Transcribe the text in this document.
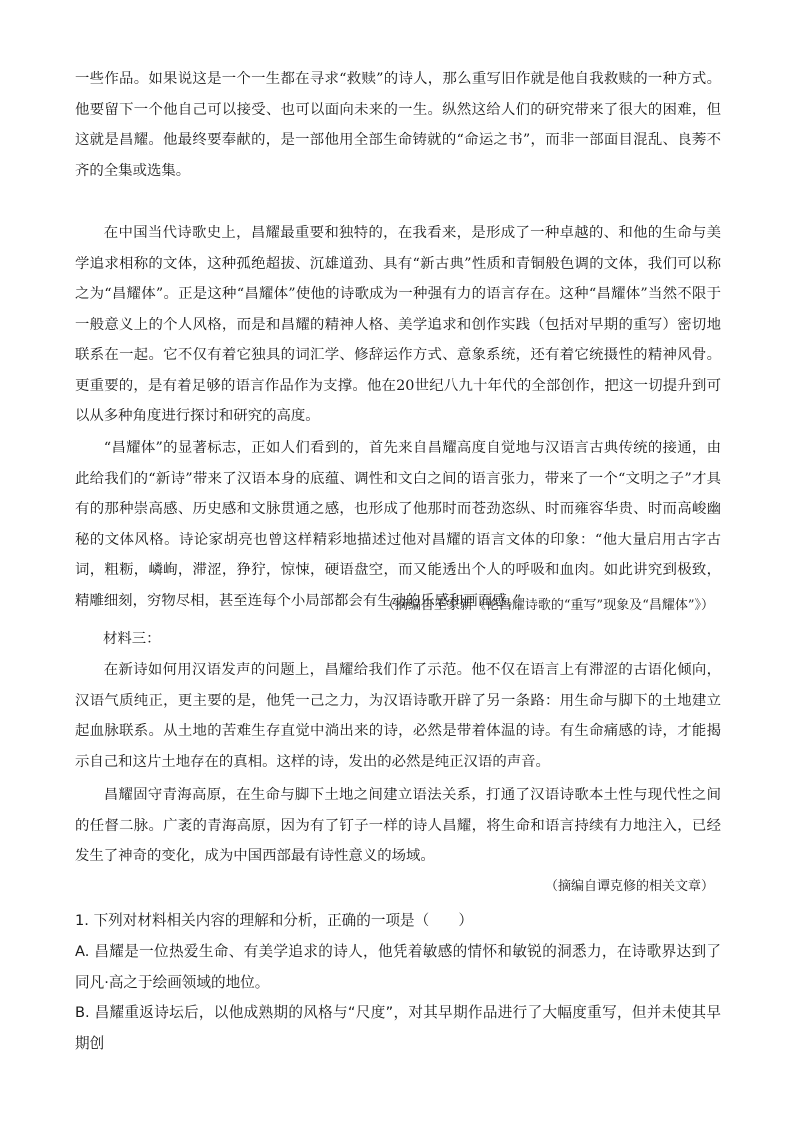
一些作品。如果说这是一个一生都在寻求“救赎”的诗人，那么重写旧作就是他自我救赎的一种方式。他要留下一个他自己可以接受、也可以面向未来的一生。纵然这给人们的研究带来了很大的困难，但这就是昌耀。他最终要奉献的，是一部他用全部生命铸就的“命运之书”，而非一部面目混乱、良莠不齐的全集或选集。

在中国当代诗歌史上，昌耀最重要和独特的，在我看来，是形成了一种卓越的、和他的生命与美学追求相称的文体，这种孤绝超拔、沉雄道劲、具有“新古典”性质和青铜般色调的文体，我们可以称之为“昌耀体”。正是这种“昌耀体”使他的诗歌成为一种强有力的语言存在。这种“昌耀体”当然不限于一般意义上的个人风格，而是和昌耀的精神人格、美学追求和创作实践（包括对早期的重写）密切地联系在一起。它不仅有着它独具的词汇学、修辞运作方式、意象系统，还有着它统摄性的精神风骨。更重要的，是有着足够的语言作品作为支撑。他在20世纪八九十年代的全部创作，把这一切提升到可以从多种角度进行探讨和研究的高度。

“昌耀体”的显著标志，正如人们看到的，首先来自昌耀高度自觉地与汉语言古典传统的接通，由此给我们的“新诗”带来了汉语本身的底蕴、调性和文白之间的语言张力，带来了一个“文明之子”才具有的那种崇高感、历史感和文脉贯通之感，也形成了他那时而苍劲恣纵、时而雍容华贵、时而高峻幽秘的文体风格。诗论家胡亮也曾这样精彩地描述过他对昌耀的语言文体的印象：“他大量启用古字古词，粗粝，嶙峋，滞涩，狰狞，惊悚，硬语盘空，而又能透出个人的呼吸和血肉。如此讲究到极致，精雕细刻，穷物尽相，甚至连每个小局部都会有生动的乐感和画面感。”

（摘编自王家新《论昌耀诗歌的“重写”现象及“昌耀体”》）
材料三：

在新诗如何用汉语发声的问题上，昌耀给我们作了示范。他不仅在语言上有滞涩的古语化倾向，汉语气质纯正，更主要的是，他凭一己之力，为汉语诗歌开辟了另一条路：用生命与脚下的土地建立起血脉联系。从土地的苦难生存直觉中淌出来的诗，必然是带着体温的诗。有生命痛感的诗，才能揭示自己和这片土地存在的真相。这样的诗，发出的必然是纯正汉语的声音。

昌耀固守青海高原，在生命与脚下土地之间建立语法关系，打通了汉语诗歌本土性与现代性之间的任督二脉。广袤的青海高原，因为有了钉子一样的诗人昌耀，将生命和语言持续有力地注入，已经发生了神奇的变化，成为中国西部最有诗性意义的场域。

（摘编自谭克修的相关文章）

1. 下列对材料相关内容的理解和分析，正确的一项是（　　）

A. 昌耀是一位热爱生命、有美学追求的诗人，他凭着敏感的情怀和敏锐的洞悉力，在诗歌界达到了同凡·高之于绘画领域的地位。

B. 昌耀重返诗坛后，以他成熟期的风格与“尺度”，对其早期作品进行了大幅度重写，但并未使其早期创
